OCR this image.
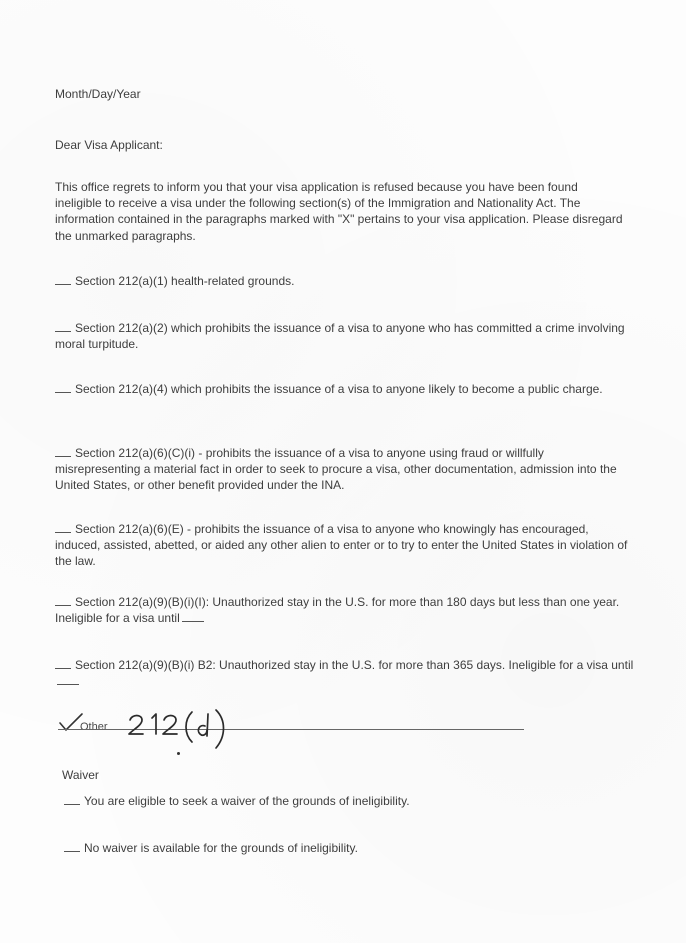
Month/Day/Year

Dear Visa Applicant:

This office regrets to inform you that your visa application is refused because you have been found ineligible to receive a visa under the following section(s) of the Immigration and Nationality Act. The information contained in the paragraphs marked with "X" pertains to your visa application. Please disregard the unmarked paragraphs.

Section 212(a)(1) health-related grounds.

Section 212(a)(2) which prohibits the issuance of a visa to anyone who has committed a crime involving moral turpitude.

Section 212(a)(4) which prohibits the issuance of a visa to anyone likely to become a public charge.

Section 212(a)(6)(C)(i) - prohibits the issuance of a visa to anyone using fraud or willfully misrepresenting a material fact in order to seek to procure a visa, other documentation, admission into the United States, or other benefit provided under the INA.

Section 212(a)(6)(E) - prohibits the issuance of a visa to anyone who knowingly has encouraged, induced, assisted, abetted, or aided any other alien to enter or to try to enter the United States in violation of the law.

Section 212(a)(9)(B)(i)(I): Unauthorized stay in the U.S. for more than 180 days but less than one year. Ineligible for a visa until

Section 212(a)(9)(B)(i) B2: Unauthorized stay in the U.S. for more than 365 days. Ineligible for a visa until

Other

Waiver

You are eligible to seek a waiver of the grounds of ineligibility.

No waiver is available for the grounds of ineligibility.
